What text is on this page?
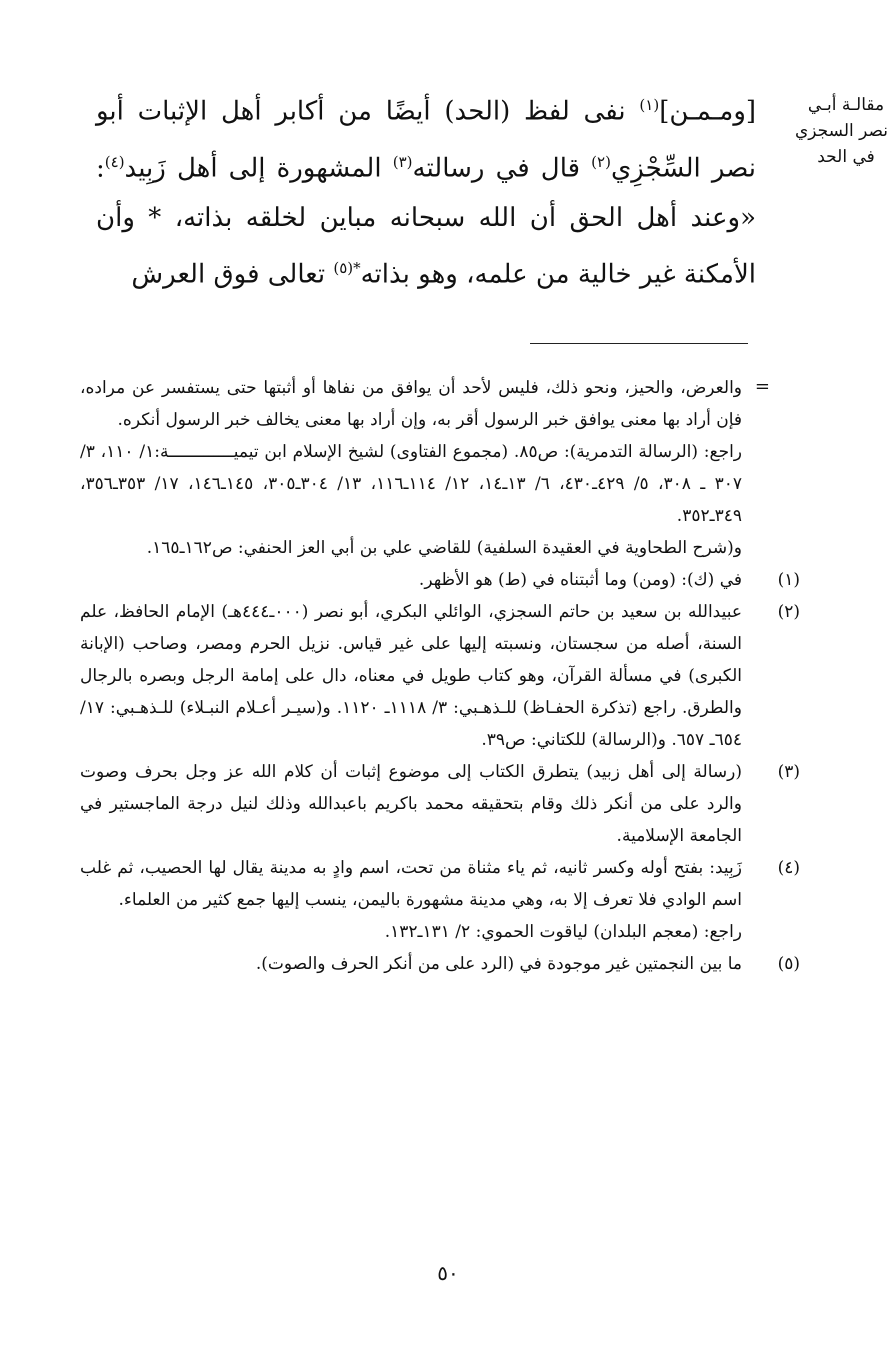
مقالـة أبـي
نصر السجزي
في الحد

[ومـمـن]$^{(١)}$ نفى لفظ (الحد) أيضًا من أكابر أهل الإثبات أبو نصر السِّجْزِي$^{(٢)}$ قال في رسالته$^{(٣)}$ المشهورة إلى أهل زَبِيد$^{(٤)}$: «وعند أهل الحق أن الله سبحانه مباين لخلقه بذاته، * وأن الأمكنة غير خالية من علمه، وهو بذاته$^{*(٥)}$ تعالى فوق العرش

=

والعرض، والحيز، ونحو ذلك، فليس لأحد أن يوافق من نفاها أو أثبتها حتى يستفسر عن مراده، فإن أراد بها معنى يوافق خبر الرسول أقر به، وإن أراد بها معنى يخالف خبر الرسول أنكره.

راجع: (الرسالة التدمرية): ص٨٥. (مجموع الفتاوى) لشيخ الإسلام ابن تيميـــــــــــــة:١/ ١١٠، ٣/ ٣٠٧ ـ ٣٠٨، ٥/ ٤٢٩ـ٤٣٠، ٦/ ١٣ـ١٤، ١٢/ ١١٤ـ١١٦، ١٣/ ٣٠٤ـ٣٠٥، ١٤٥ـ١٤٦، ١٧/ ٣٥٣ـ٣٥٦، ٣٤٩ـ٣٥٢.

و(شرح الطحاوية في العقيدة السلفية) للقاضي علي بن أبي العز الحنفي: ص١٦٢ـ١٦٥.

(١)

في (ك): (ومن) وما أثبتناه في (ط) هو الأظهر.

(٢)

عبيدالله بن سعيد بن حاتم السجزي، الوائلي البكري، أبو نصر (٠٠٠ـ٤٤٤هـ) الإمام الحافظ، علم السنة، أصله من سجستان، ونسبته إليها على غير قياس. نزيل الحرم ومصر، وصاحب (الإبانة الكبرى) في مسألة القرآن، وهو كتاب طويل في معناه، دال على إمامة الرجل وبصره بالرجال والطرق. راجع (تذكرة الحفـاظ) للـذهـبي: ٣/ ١١١٨ـ ١١٢٠. و(سيـر أعـلام النبـلاء) للـذهـبي: ١٧/ ٦٥٤ـ ٦٥٧. و(الرسالة) للكتاني: ص٣٩.

(٣)

(رسالة إلى أهل زبيد) يتطرق الكتاب إلى موضوع إثبات أن كلام الله عز وجل بحرف وصوت والرد على من أنكر ذلك وقام بتحقيقه محمد باكريم باعبدالله وذلك لنيل درجة الماجستير في الجامعة الإسلامية.

(٤)

زَبِيد: بفتح أوله وكسر ثانيه، ثم ياء مثناة من تحت، اسم وادٍ به مدينة يقال لها الحصيب، ثم غلب اسم الوادي فلا تعرف إلا به، وهي مدينة مشهورة باليمن، ينسب إليها جمع كثير من العلماء.

راجع: (معجم البلدان) لياقوت الحموي: ٢/ ١٣١ـ١٣٢.

(٥)

ما بين النجمتين غير موجودة في (الرد على من أنكر الحرف والصوت).

٥٠
